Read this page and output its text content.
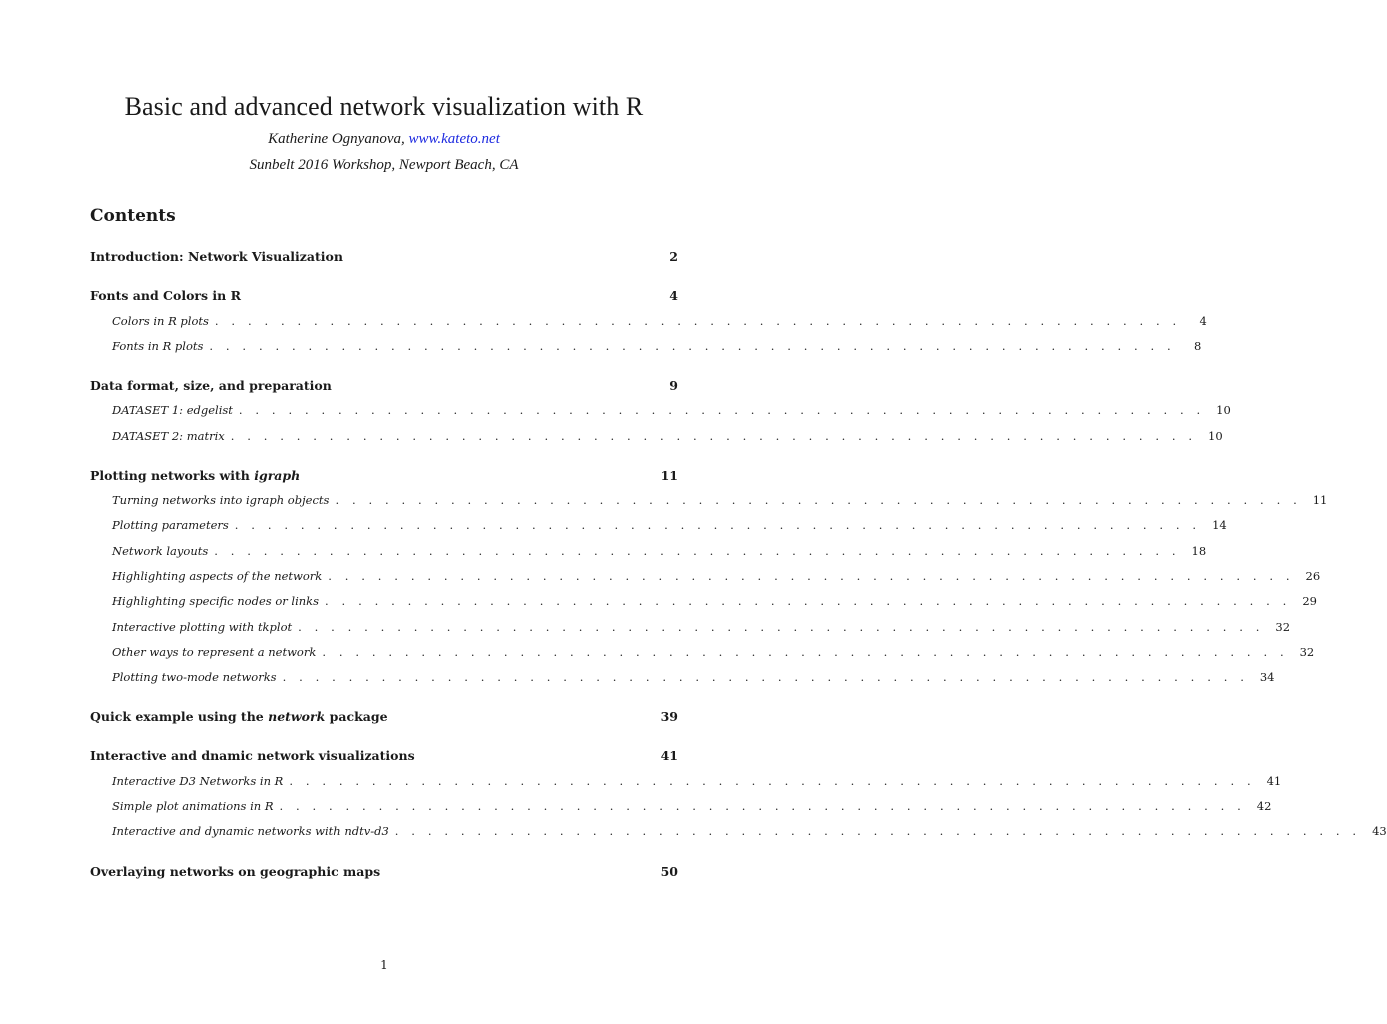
Basic and advanced network visualization with R
Katherine Ognyanova, www.kateto.net
Sunbelt 2016 Workshop, Newport Beach, CA
Contents
Introduction: Network Visualization	2
Fonts and Colors in R	4
Colors in R plots . . . . . . . . . . . . . . . . . . . . . . . . . . . . . . . . . . . . . . . . . . . . . . . . . . . . . . . . . . .	4
Fonts in R plots . . . . . . . . . . . . . . . . . . . . . . . . . . . . . . . . . . . . . . . . . . . . . . . . . . . . . . . . . . .	8
Data format, size, and preparation	9
DATASET 1: edgelist . . . . . . . . . . . . . . . . . . . . . . . . . . . . . . . . . . . . . . . . . . . . . . . . . . . . . . . . . . . 10
DATASET 2: matrix . . . . . . . . . . . . . . . . . . . . . . . . . . . . . . . . . . . . . . . . . . . . . . . . . . . . . . . . . . . 10
Plotting networks with igraph	11
Turning networks into igraph objects . . . . . . . . . . . . . . . . . . . . . . . . . . . . . . . . . . . . . . . . . . . . . . . . . . . . . . . . . . . 11
Plotting parameters . . . . . . . . . . . . . . . . . . . . . . . . . . . . . . . . . . . . . . . . . . . . . . . . . . . . . . . . . . . 14
Network layouts . . . . . . . . . . . . . . . . . . . . . . . . . . . . . . . . . . . . . . . . . . . . . . . . . . . . . . . . . . . 18
Highlighting aspects of the network . . . . . . . . . . . . . . . . . . . . . . . . . . . . . . . . . . . . . . . . . . . . . . . . . . . . . . . . . . . 26
Highlighting specific nodes or links . . . . . . . . . . . . . . . . . . . . . . . . . . . . . . . . . . . . . . . . . . . . . . . . . . . . . . . . . . . 29
Interactive plotting with tkplot . . . . . . . . . . . . . . . . . . . . . . . . . . . . . . . . . . . . . . . . . . . . . . . . . . . . . . . . . . . 32
Other ways to represent a network . . . . . . . . . . . . . . . . . . . . . . . . . . . . . . . . . . . . . . . . . . . . . . . . . . . . . . . . . . . 32
Plotting two-mode networks . . . . . . . . . . . . . . . . . . . . . . . . . . . . . . . . . . . . . . . . . . . . . . . . . . . . . . . . . . . 34
Quick example using the network package	39
Interactive and dnamic network visualizations	41
Interactive D3 Networks in R . . . . . . . . . . . . . . . . . . . . . . . . . . . . . . . . . . . . . . . . . . . . . . . . . . . . . . . . . . . 41
Simple plot animations in R . . . . . . . . . . . . . . . . . . . . . . . . . . . . . . . . . . . . . . . . . . . . . . . . . . . . . . . . . . . 42
Interactive and dynamic networks with ndtv-d3 . . . . . . . . . . . . . . . . . . . . . . . . . . . . . . . . . . . . . . . . . . . . . . . . . . . . . . . . . . . 43
Overlaying networks on geographic maps	50
1
